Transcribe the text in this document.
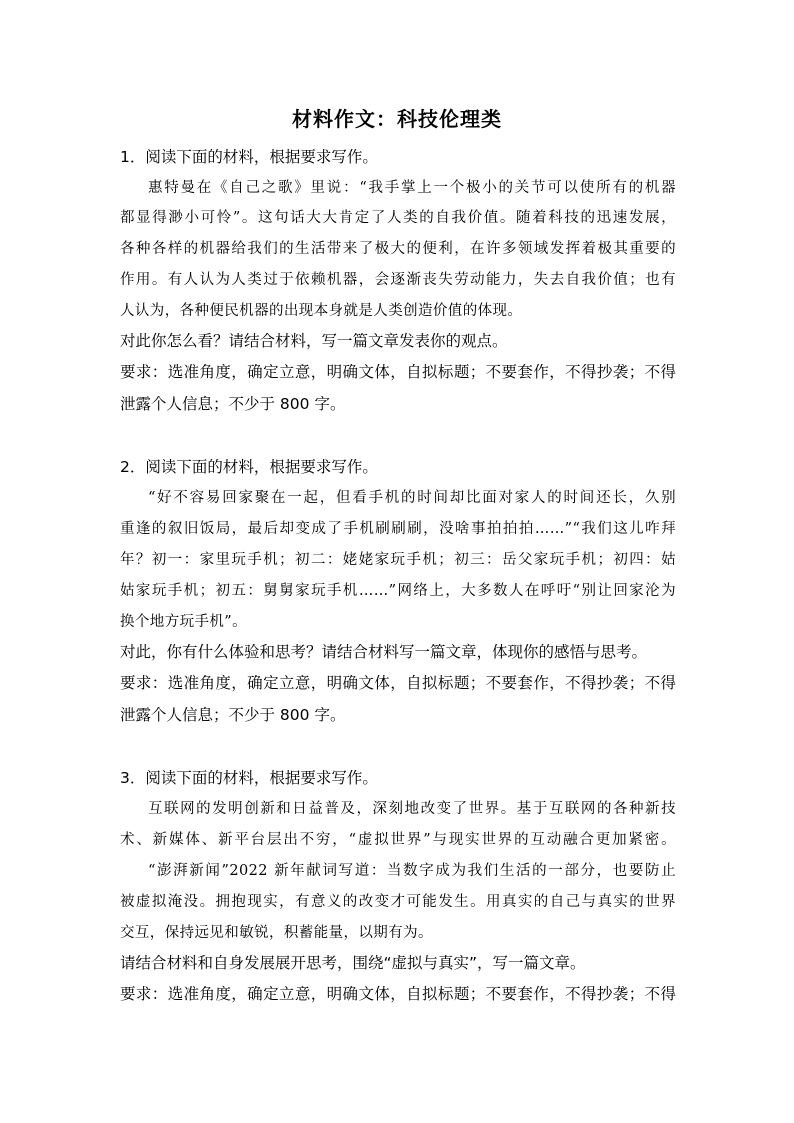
材料作文：科技伦理类
1．阅读下面的材料，根据要求写作。
惠特曼在《自己之歌》里说：“我手掌上一个极小的关节可以使所有的机器
都显得渺小可怜”。这句话大大肯定了人类的自我价值。随着科技的迅速发展，
各种各样的机器给我们的生活带来了极大的便利，在许多领域发挥着极其重要的
作用。有人认为人类过于依赖机器，会逐渐丧失劳动能力，失去自我价值；也有
人认为，各种便民机器的出现本身就是人类创造价值的体现。
对此你怎么看？请结合材料，写一篇文章发表你的观点。
要求：选准角度，确定立意，明确文体，自拟标题；不要套作，不得抄袭；不得
泄露个人信息；不少于 800 字。
2．阅读下面的材料，根据要求写作。
“好不容易回家聚在一起，但看手机的时间却比面对家人的时间还长，久别
重逢的叙旧饭局，最后却变成了手机刷刷刷，没啥事拍拍拍……”“我们这儿咋拜
年？初一：家里玩手机；初二：姥姥家玩手机；初三：岳父家玩手机；初四：姑
姑家玩手机；初五：舅舅家玩手机……”网络上，大多数人在呼吁“别让回家沦为
换个地方玩手机”。
对此，你有什么体验和思考？请结合材料写一篇文章，体现你的感悟与思考。
要求：选准角度，确定立意，明确文体，自拟标题；不要套作，不得抄袭；不得
泄露个人信息；不少于 800 字。
3．阅读下面的材料，根据要求写作。
互联网的发明创新和日益普及，深刻地改变了世界。基于互联网的各种新技
术、新媒体、新平台层出不穷，“虚拟世界”与现实世界的互动融合更加紧密。
“澎湃新闻”2022 新年献词写道：当数字成为我们生活的一部分，也要防止
被虚拟淹没。拥抱现实，有意义的改变才可能发生。用真实的自己与真实的世界
交互，保持远见和敏锐，积蓄能量，以期有为。
请结合材料和自身发展展开思考，围绕“虚拟与真实”，写一篇文章。
要求：选准角度，确定立意，明确文体，自拟标题；不要套作，不得抄袭；不得
